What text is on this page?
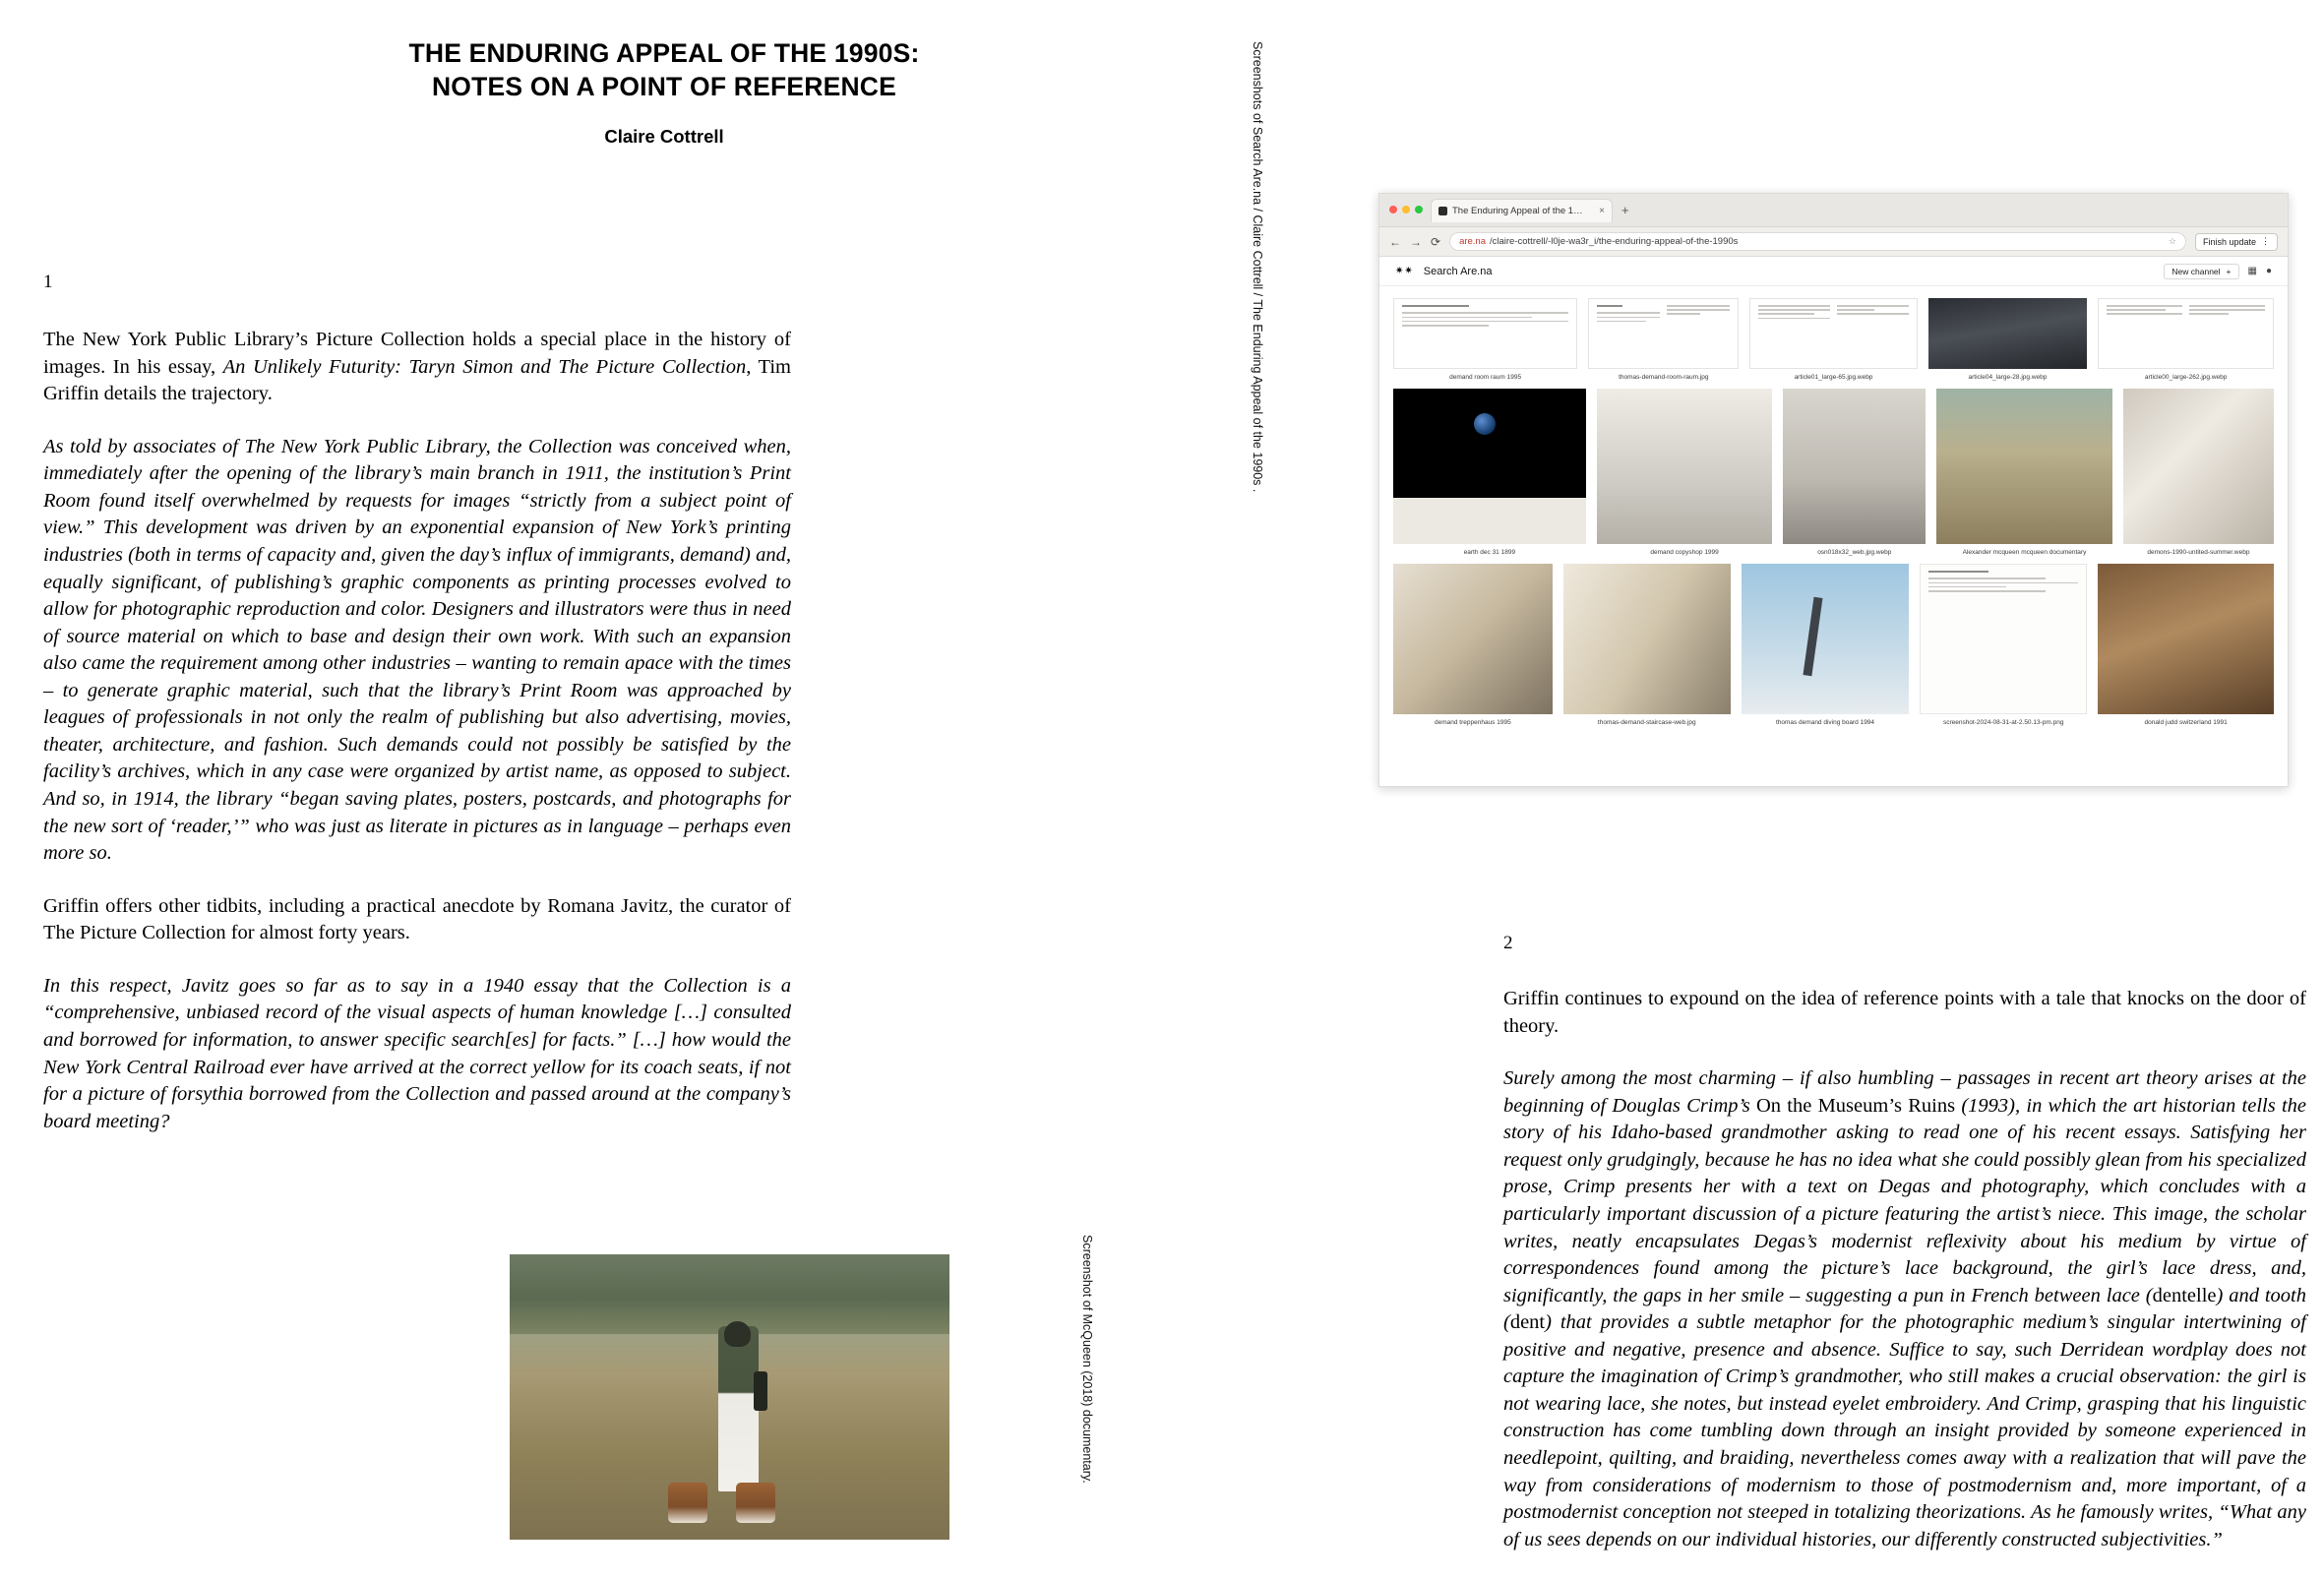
THE ENDURING APPEAL OF THE 1990S:
NOTES ON A POINT OF REFERENCE
Claire Cottrell
1

The New York Public Library’s Picture Collection holds a special place in the history of images. In his essay, An Unlikely Futurity: Taryn Simon and The Picture Collection, Tim Griffin details the trajectory.

As told by associates of The New York Public Library, the Collection was conceived when, immediately after the opening of the library’s main branch in 1911, the institution’s Print Room found itself overwhelmed by requests for images “strictly from a subject point of view.” This development was driven by an exponential expansion of New York’s printing industries (both in terms of capacity and, given the day’s influx of immigrants, demand) and, equally significant, of publishing’s graphic components as printing processes evolved to allow for photographic reproduction and color. Designers and illustrators were thus in need of source material on which to base and design their own work. With such an expansion also came the requirement among other industries – wanting to remain apace with the times – to generate graphic material, such that the library’s Print Room was approached by leagues of professionals in not only the realm of publishing but also advertising, movies, theater, architecture, and fashion. Such demands could not possibly be satisfied by the facility’s archives, which in any case were organized by artist name, as opposed to subject. And so, in 1914, the library “began saving plates, posters, postcards, and photographs for the new sort of ‘reader,’” who was just as literate in pictures as in language – perhaps even more so.

Griffin offers other tidbits, including a practical anecdote by Romana Javitz, the curator of The Picture Collection for almost forty years.

In this respect, Javitz goes so far as to say in a 1940 essay that the Collection is a “comprehensive, unbiased record of the visual aspects of human knowledge […] consulted and borrowed for information, to answer specific search[es] for facts.” […] how would the New York Central Railroad ever have arrived at the correct yellow for its coach seats, if not for a picture of forsythia borrowed from the Collection and passed around at the company’s board meeting?

2

Griffin continues to expound on the idea of reference points with a tale that knocks on the door of theory.

Surely among the most charming – if also humbling – passages in recent art theory arises at the beginning of Douglas Crimp’s On the Museum’s Ruins (1993), in which the art historian tells the story of his Idaho-based grandmother asking to read one of his recent essays. Satisfying her request only grudgingly, because he has no idea what she could possibly glean from his specialized prose, Crimp presents her with a text on Degas and photography, which concludes with a particularly important discussion of a picture featuring the artist’s niece. This image, the scholar writes, neatly encapsulates Degas’s modernist reflexivity about his medium by virtue of correspondences found among the picture’s lace background, the girl’s lace dress, and, significantly, the gaps in her smile – suggesting a pun in French between lace (dentelle) and tooth (dent) that provides a subtle metaphor for the photographic medium’s singular intertwining of positive and negative, presence and absence. Suffice to say, such Derridean wordplay does not capture the imagination of Crimp’s grandmother, who still makes a crucial observation: the girl is not wearing lace, she notes, but instead eyelet embroidery. And Crimp, grasping that his linguistic construction has come tumbling down through an insight provided by someone experienced in needlepoint, quilting, and braiding, nevertheless comes away with a realization that will pave the way from considerations of modernism to those of postmodernism and, more important, of a postmodernist conception not steeped in totalizing theorizations. As he famously writes, “What any of us sees depends on our individual histories, our differently constructed subjectivities.”

Screenshots of Search Are.na / Claire Cottrell / The Enduring Appeal of the 1990s .
Screenshot of McQueen (2018) documentary.
The Enduring Appeal of the 1…	× +
← → ⟳ are.na /claire-cottrell/-l0je-wa3r_i/the-enduring-appeal-of-the-1990s	☆	Finish update ⋮
✷✷ Search Are.na	New channel + ▦ ●
demand room raum 1995	thomas-demand-room-raum.jpg	article01_large-65.jpg.webp	article04_large-28.jpg.webp	article00_large-262.jpg.webp
earth dec 31 1899	demand copyshop 1999	osn018x32_web.jpg.webp	Alexander mcqueen mcqueen documentary	demons-1990-untited-summer.webp
demand treppenhaus 1995	thomas-demand-staircase-web.jpg	thomas demand diving board 1994	screenshot-2024-08-31-at-2.50.13-pm.png	donald judd switzerland 1991
